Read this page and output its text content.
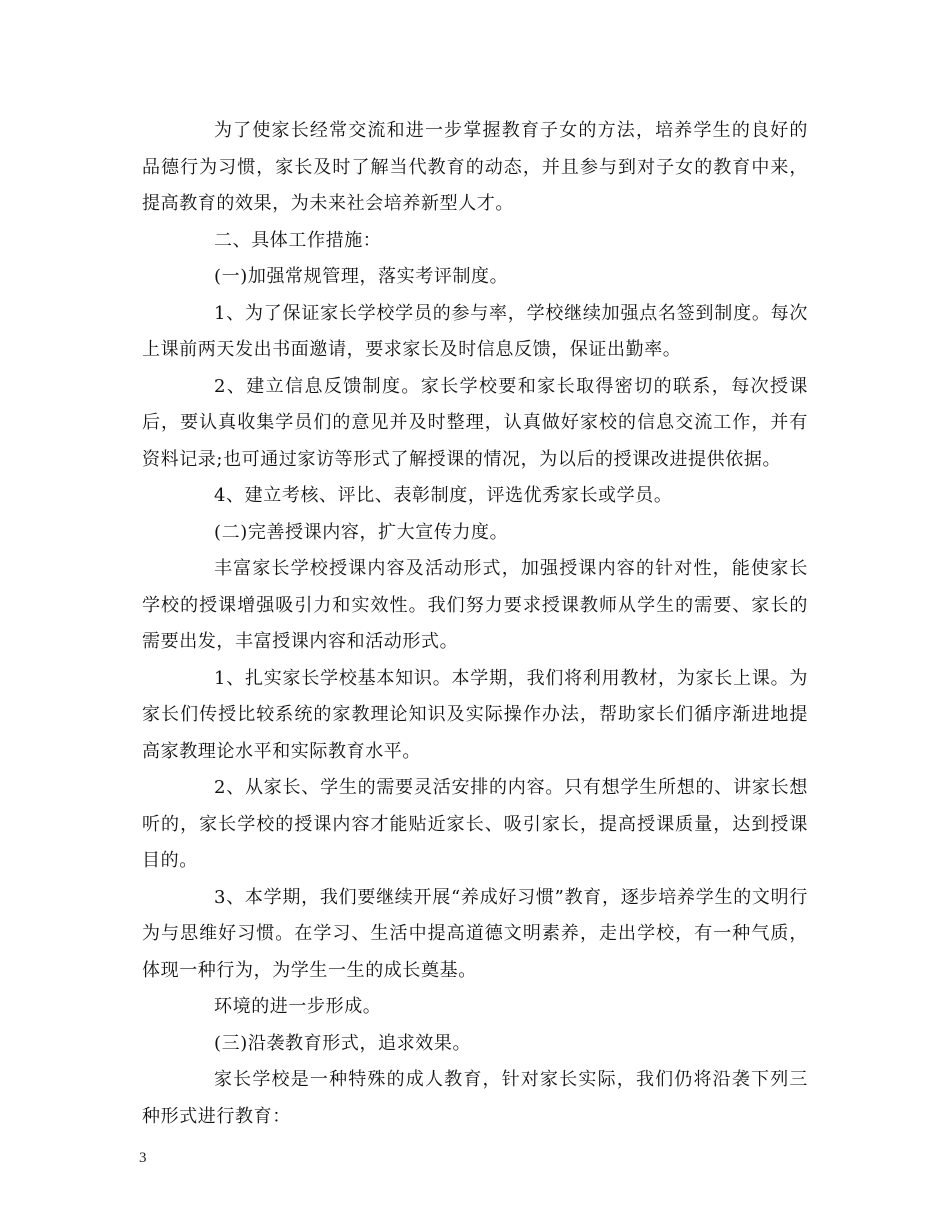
为了使家长经常交流和进一步掌握教育子女的方法，培养学生的良好的品德行为习惯，家长及时了解当代教育的动态，并且参与到对子女的教育中来，提高教育的效果，为未来社会培养新型人才。

二、具体工作措施：

(一)加强常规管理，落实考评制度。

1、为了保证家长学校学员的参与率，学校继续加强点名签到制度。每次上课前两天发出书面邀请，要求家长及时信息反馈，保证出勤率。

2、建立信息反馈制度。家长学校要和家长取得密切的联系，每次授课后，要认真收集学员们的意见并及时整理，认真做好家校的信息交流工作，并有资料记录;也可通过家访等形式了解授课的情况，为以后的授课改进提供依据。

4、建立考核、评比、表彰制度，评选优秀家长或学员。

(二)完善授课内容，扩大宣传力度。

丰富家长学校授课内容及活动形式，加强授课内容的针对性，能使家长学校的授课增强吸引力和实效性。我们努力要求授课教师从学生的需要、家长的需要出发，丰富授课内容和活动形式。

1、扎实家长学校基本知识。本学期，我们将利用教材，为家长上课。为家长们传授比较系统的家教理论知识及实际操作办法，帮助家长们循序渐进地提高家教理论水平和实际教育水平。

2、从家长、学生的需要灵活安排的内容。只有想学生所想的、讲家长想听的，家长学校的授课内容才能贴近家长、吸引家长，提高授课质量，达到授课目的。

3、本学期，我们要继续开展“养成好习惯”教育，逐步培养学生的文明行为与思维好习惯。在学习、生活中提高道德文明素养，走出学校，有一种气质，体现一种行为，为学生一生的成长奠基。

环境的进一步形成。

(三)沿袭教育形式，追求效果。

家长学校是一种特殊的成人教育，针对家长实际，我们仍将沿袭下列三种形式进行教育：

3
